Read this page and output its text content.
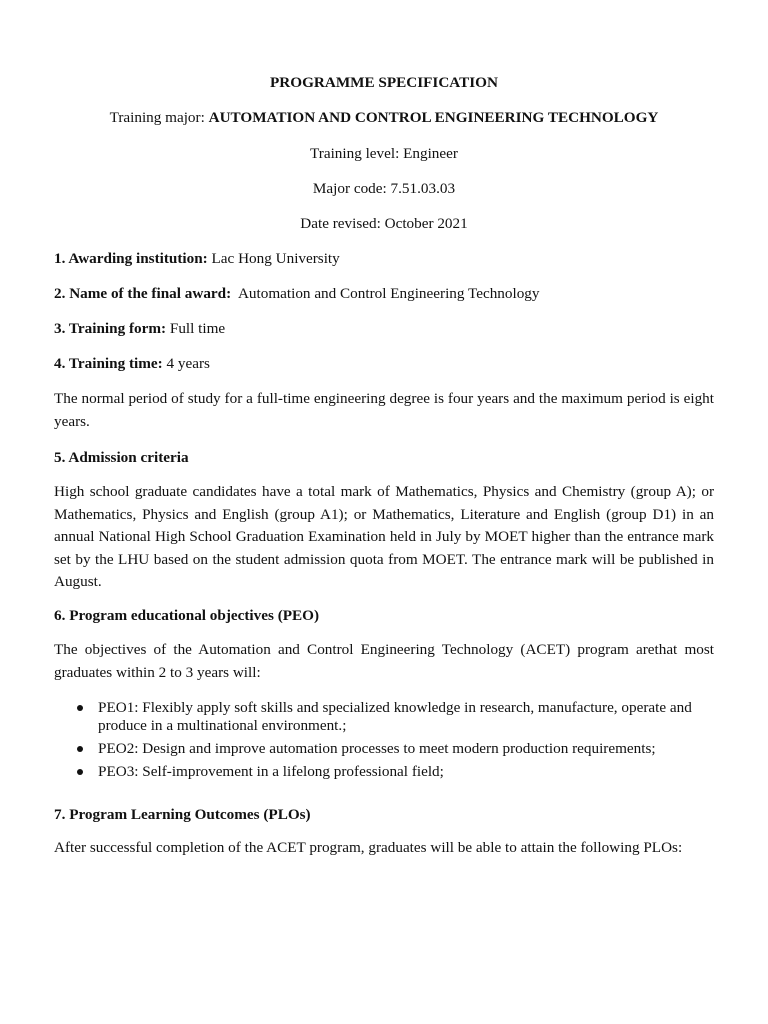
PROGRAMME SPECIFICATION
Training major: AUTOMATION AND CONTROL ENGINEERING TECHNOLOGY
Training level: Engineer
Major code: 7.51.03.03
Date revised: October 2021
1. Awarding institution: Lac Hong University
2. Name of the final award: Automation and Control Engineering Technology
3. Training form: Full time
4. Training time: 4 years
The normal period of study for a full-time engineering degree is four years and the maximum period is eight years.
5. Admission criteria
High school graduate candidates have a total mark of Mathematics, Physics and Chemistry (group A); or Mathematics, Physics and English (group A1); or Mathematics, Literature and English (group D1) in an annual National High School Graduation Examination held in July by MOET higher than the entrance mark set by the LHU based on the student admission quota from MOET. The entrance mark will be published in August.
6. Program educational objectives (PEO)
The objectives of the Automation and Control Engineering Technology (ACET) program arethat most graduates within 2 to 3 years will:
PEO1: Flexibly apply soft skills and specialized knowledge in research, manufacture, operate and produce in a multinational environment.;
PEO2: Design and improve automation processes to meet modern production requirements;
PEO3: Self-improvement in a lifelong professional field;
7. Program Learning Outcomes (PLOs)
After successful completion of the ACET program, graduates will be able to attain the following PLOs:
